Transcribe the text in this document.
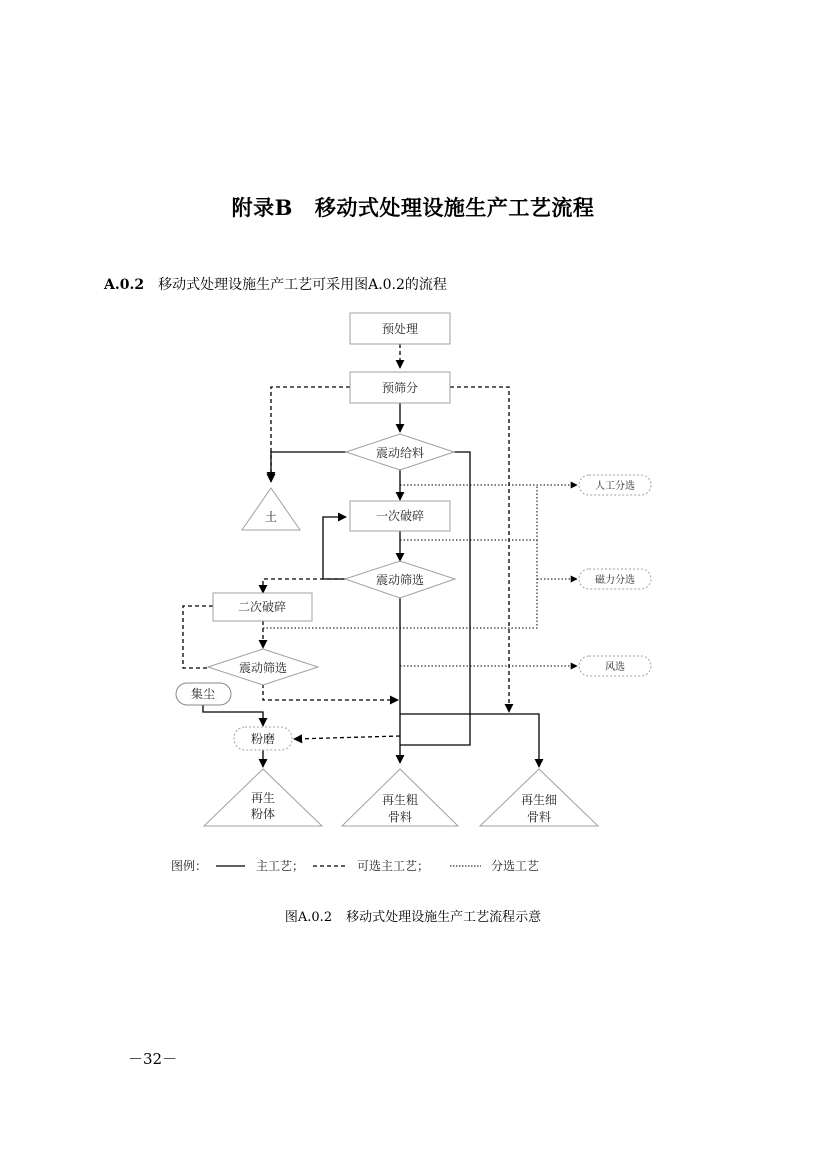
附录B 移动式处理设施生产工艺流程
A.0.2 移动式处理设施生产工艺可采用图A.0.2的流程
预处理
预筛分
震动给料
土	一次破碎
震动筛选
二次破碎
震动筛选
集尘
粉磨
再生
粉体
再生粗
骨料
再生细
骨料
人工分选
磁力分选
风选
图例：	主工艺；	可选主工艺；	分选工艺
图A.0.2 移动式处理设施生产工艺流程示意
－32－
